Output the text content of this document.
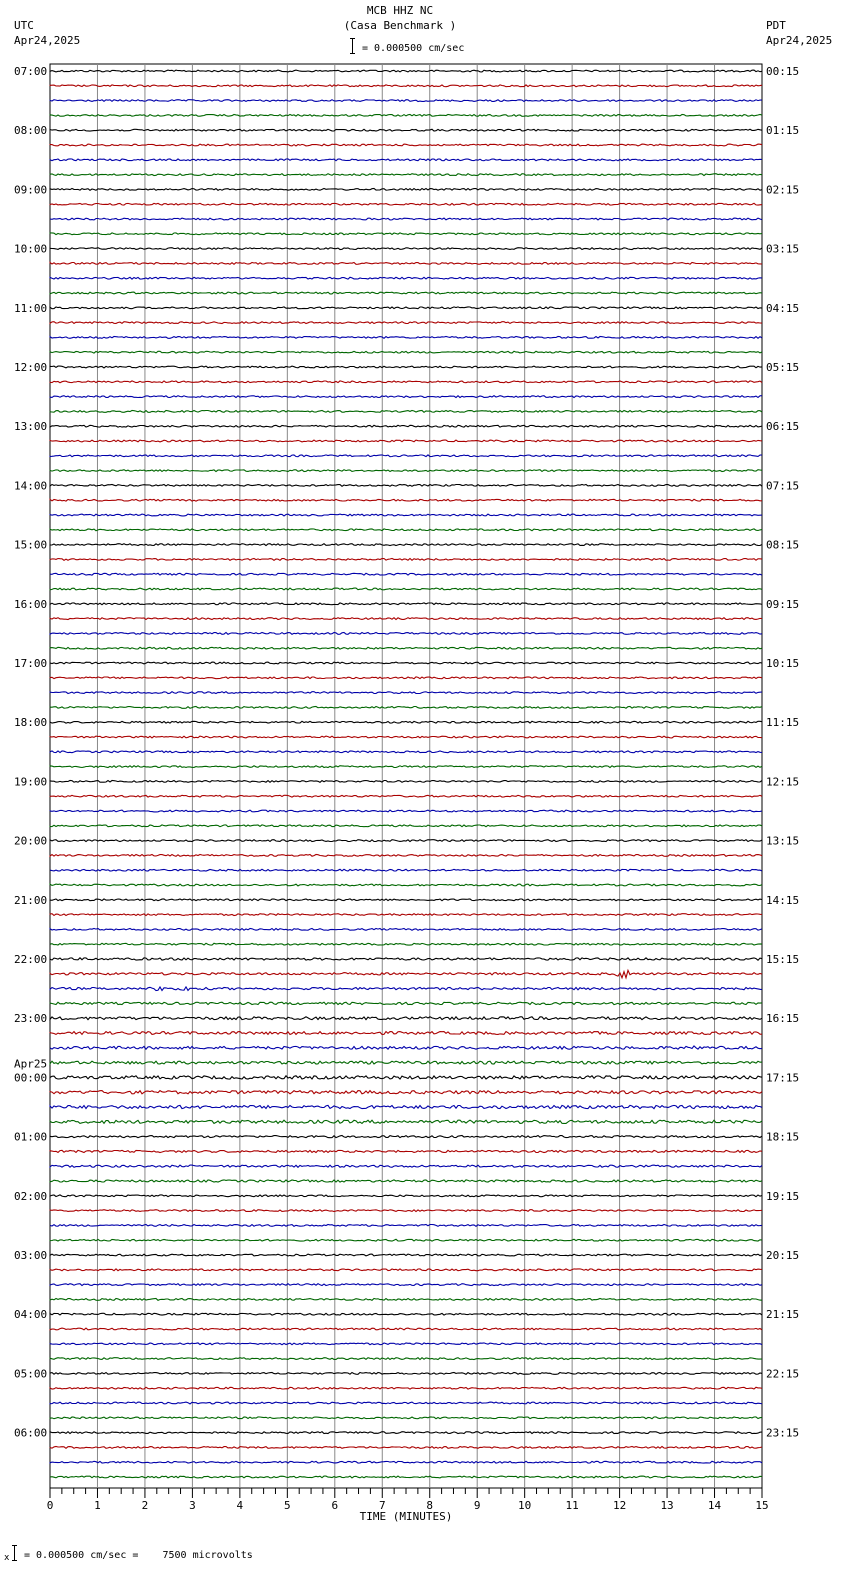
07:00
08:00
09:00
10:00
11:00
12:00
13:00
14:00
15:00
16:00
17:00
18:00
19:00
20:00
21:00
22:00
23:00
00:00
01:00
02:00
03:00
04:00
05:00
06:00
00:15
01:15
02:15
03:15
04:15
05:15
06:15
07:15
08:15
09:15
10:15
11:15
12:15
13:15
14:15
15:15
16:15
17:15
18:15
19:15
20:15
21:15
22:15
23:15
Apr25
0	1	2	3	4	5	6	7	8	9	10	11	12	13	14	15
TIME (MINUTES)
MCB HHZ NC
(Casa Benchmark )
= 0.000500 cm/sec
UTC
Apr24,2025
PDT
Apr24,2025
x = 0.000500 cm/sec =    7500 microvolts
